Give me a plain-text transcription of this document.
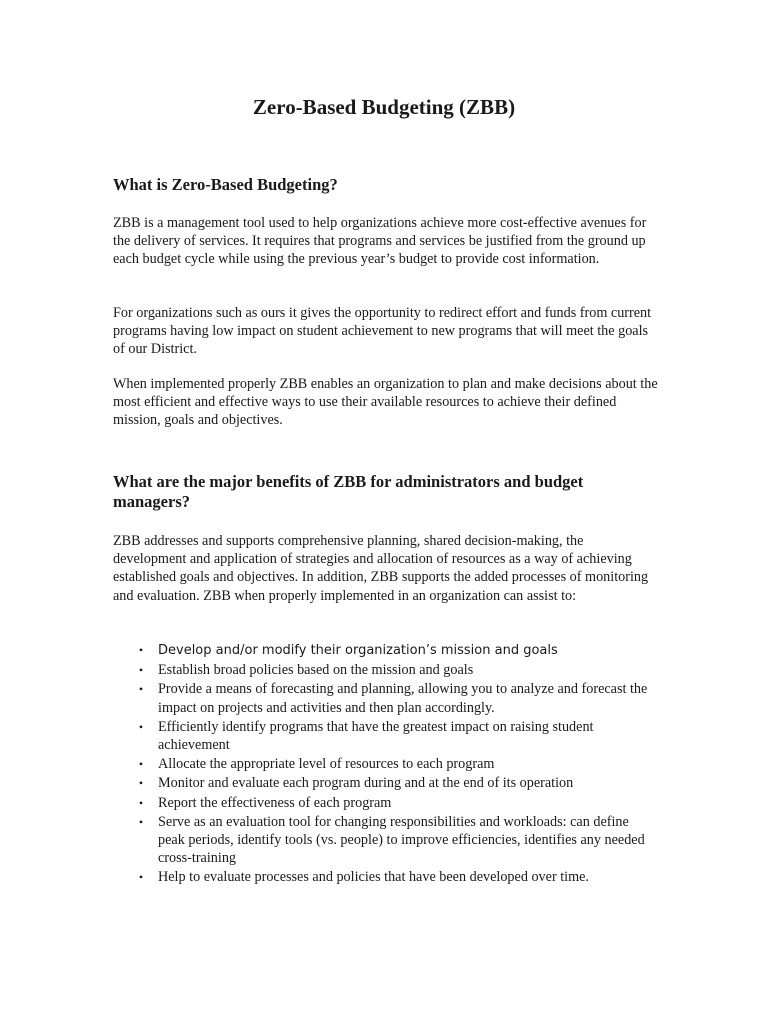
Zero-Based Budgeting (ZBB)
What is Zero-Based Budgeting?

ZBB is a management tool used to help organizations achieve more cost-effective avenues for the delivery of services. It requires that programs and services be justified from the ground up each budget cycle while using the previous year’s budget to provide cost information.

For organizations such as ours it gives the opportunity to redirect effort and funds from current programs having low impact on student achievement to new programs that will meet the goals of our District.

When implemented properly ZBB enables an organization to plan and make decisions about the most efficient and effective ways to use their available resources to achieve their defined mission, goals and objectives.

What are the major benefits of ZBB for administrators and budget managers?

ZBB addresses and supports comprehensive planning, shared decision-making, the development and application of strategies and allocation of resources as a way of achieving established goals and objectives. In addition, ZBB supports the added processes of monitoring and evaluation. ZBB when properly implemented in an organization can assist to:

• Develop and/or modify their organization’s mission and goals
• Establish broad policies based on the mission and goals
• Provide a means of forecasting and planning, allowing you to analyze and forecast the impact on projects and activities and then plan accordingly.
• Efficiently identify programs that have the greatest impact on raising student achievement
• Allocate the appropriate level of resources to each program
• Monitor and evaluate each program during and at the end of its operation
• Report the effectiveness of each program
• Serve as an evaluation tool for changing responsibilities and workloads: can define peak periods, identify tools (vs. people) to improve efficiencies, identifies any needed cross-training
• Help to evaluate processes and policies that have been developed over time.
